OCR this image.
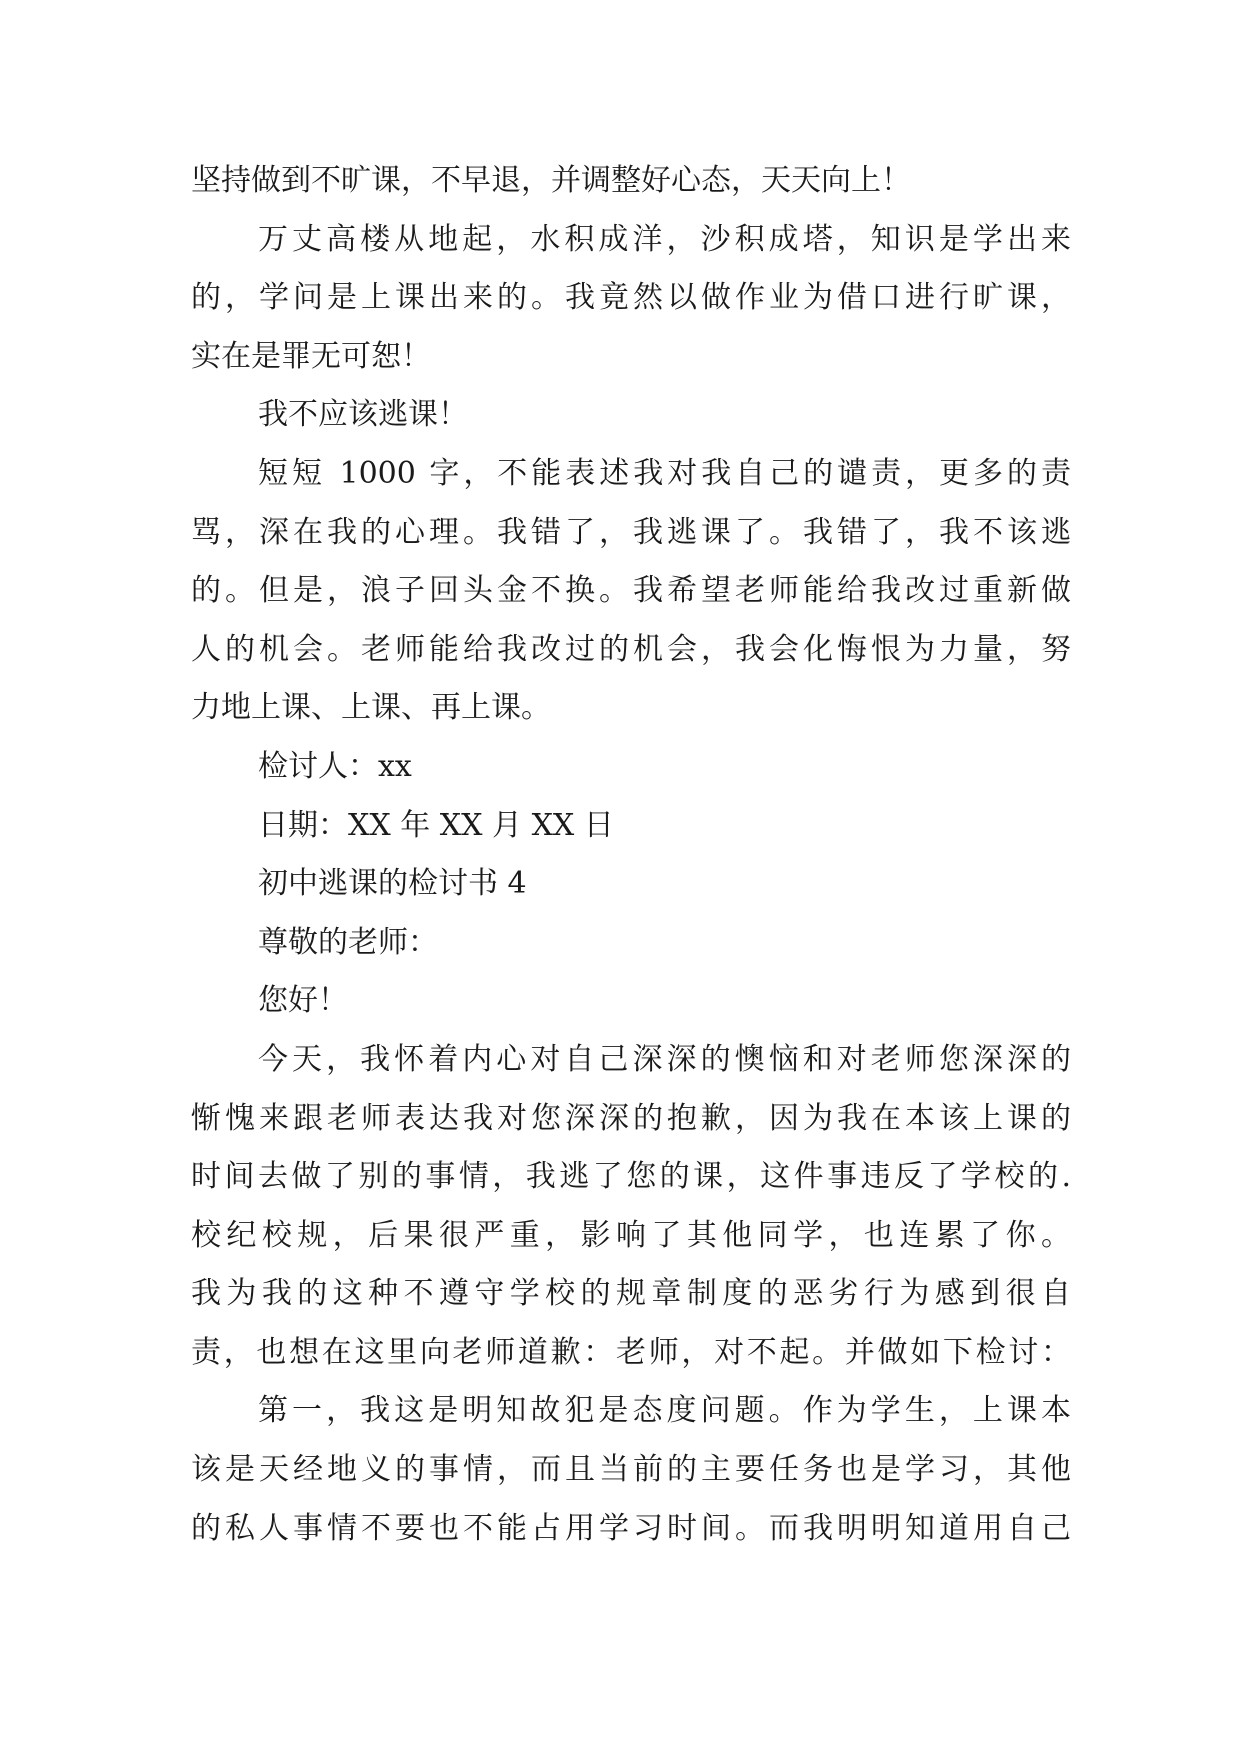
坚持做到不旷课，不早退，并调整好心态，天天向上！
万丈高楼从地起，水积成洋，沙积成塔，知识是学出来
的，学问是上课出来的。我竟然以做作业为借口进行旷课，
实在是罪无可恕！
我不应该逃课！
短短 1000 字，不能表述我对我自己的谴责，更多的责
骂，深在我的心理。我错了，我逃课了。我错了，我不该逃
的。但是，浪子回头金不换。我希望老师能给我改过重新做
人的机会。老师能给我改过的机会，我会化悔恨为力量，努
力地上课、上课、再上课。
检讨人：xx
日期：XX 年 XX 月 XX 日
初中逃课的检讨书 4
尊敬的老师：
您好！
今天，我怀着内心对自己深深的懊恼和对老师您深深的
惭愧来跟老师表达我对您深深的抱歉，因为我在本该上课的
时间去做了别的事情，我逃了您的课，这件事违反了学校的.
校纪校规，后果很严重，影响了其他同学，也连累了你。
我为我的这种不遵守学校的规章制度的恶劣行为感到很自
责，也想在这里向老师道歉：老师，对不起。并做如下检讨：
第一，我这是明知故犯是态度问题。作为学生，上课本
该是天经地义的事情，而且当前的主要任务也是学习，其他
的私人事情不要也不能占用学习时间。而我明明知道用自己
